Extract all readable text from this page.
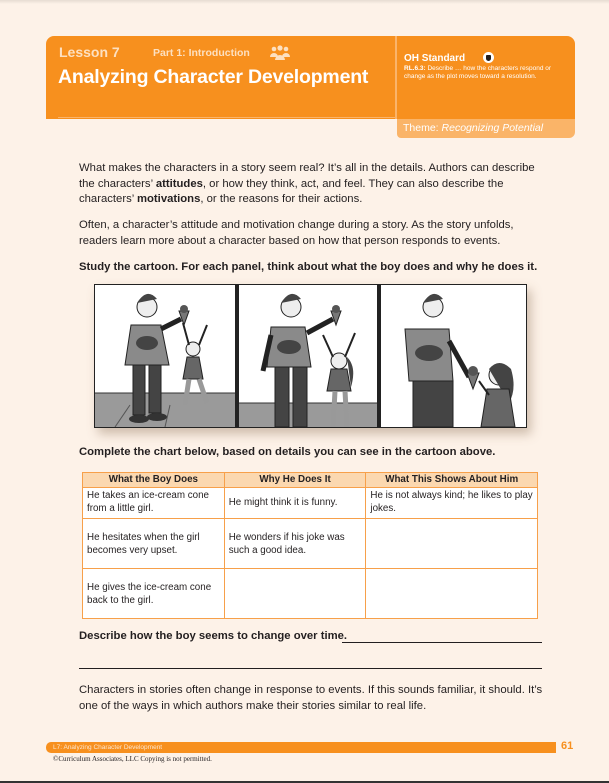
Lesson 7	Part 1: Introduction
Analyzing Character Development
OH Standard
RL.6.3: Describe … how the characters respond or change as the plot moves toward a resolution.
Theme: Recognizing Potential
What makes the characters in a story seem real? It’s all in the details. Authors can describe the characters’ attitudes, or how they think, act, and feel. They can also describe the characters’ motivations, or the reasons for their actions.
Often, a character’s attitude and motivation change during a story. As the story unfolds, readers learn more about a character based on how that person responds to events.
Study the cartoon. For each panel, think about what the boy does and why he does it.
Complete the chart below, based on details you can see in the cartoon above.
What the Boy Does	Why He Does It	What This Shows About Him
He takes an ice-cream cone from a little girl.	He might think it is funny.	He is not always kind; he likes to play jokes.
He hesitates when the girl becomes very upset.	He wonders if his joke was such a good idea.	
He gives the ice-cream cone back to the girl.		
Describe how the boy seems to change over time.
Characters in stories often change in response to events. If this sounds familiar, it should. It’s one of the ways in which authors make their stories similar to real life.
L7: Analyzing Character Development	61
©Curriculum Associates, LLC Copying is not permitted.
